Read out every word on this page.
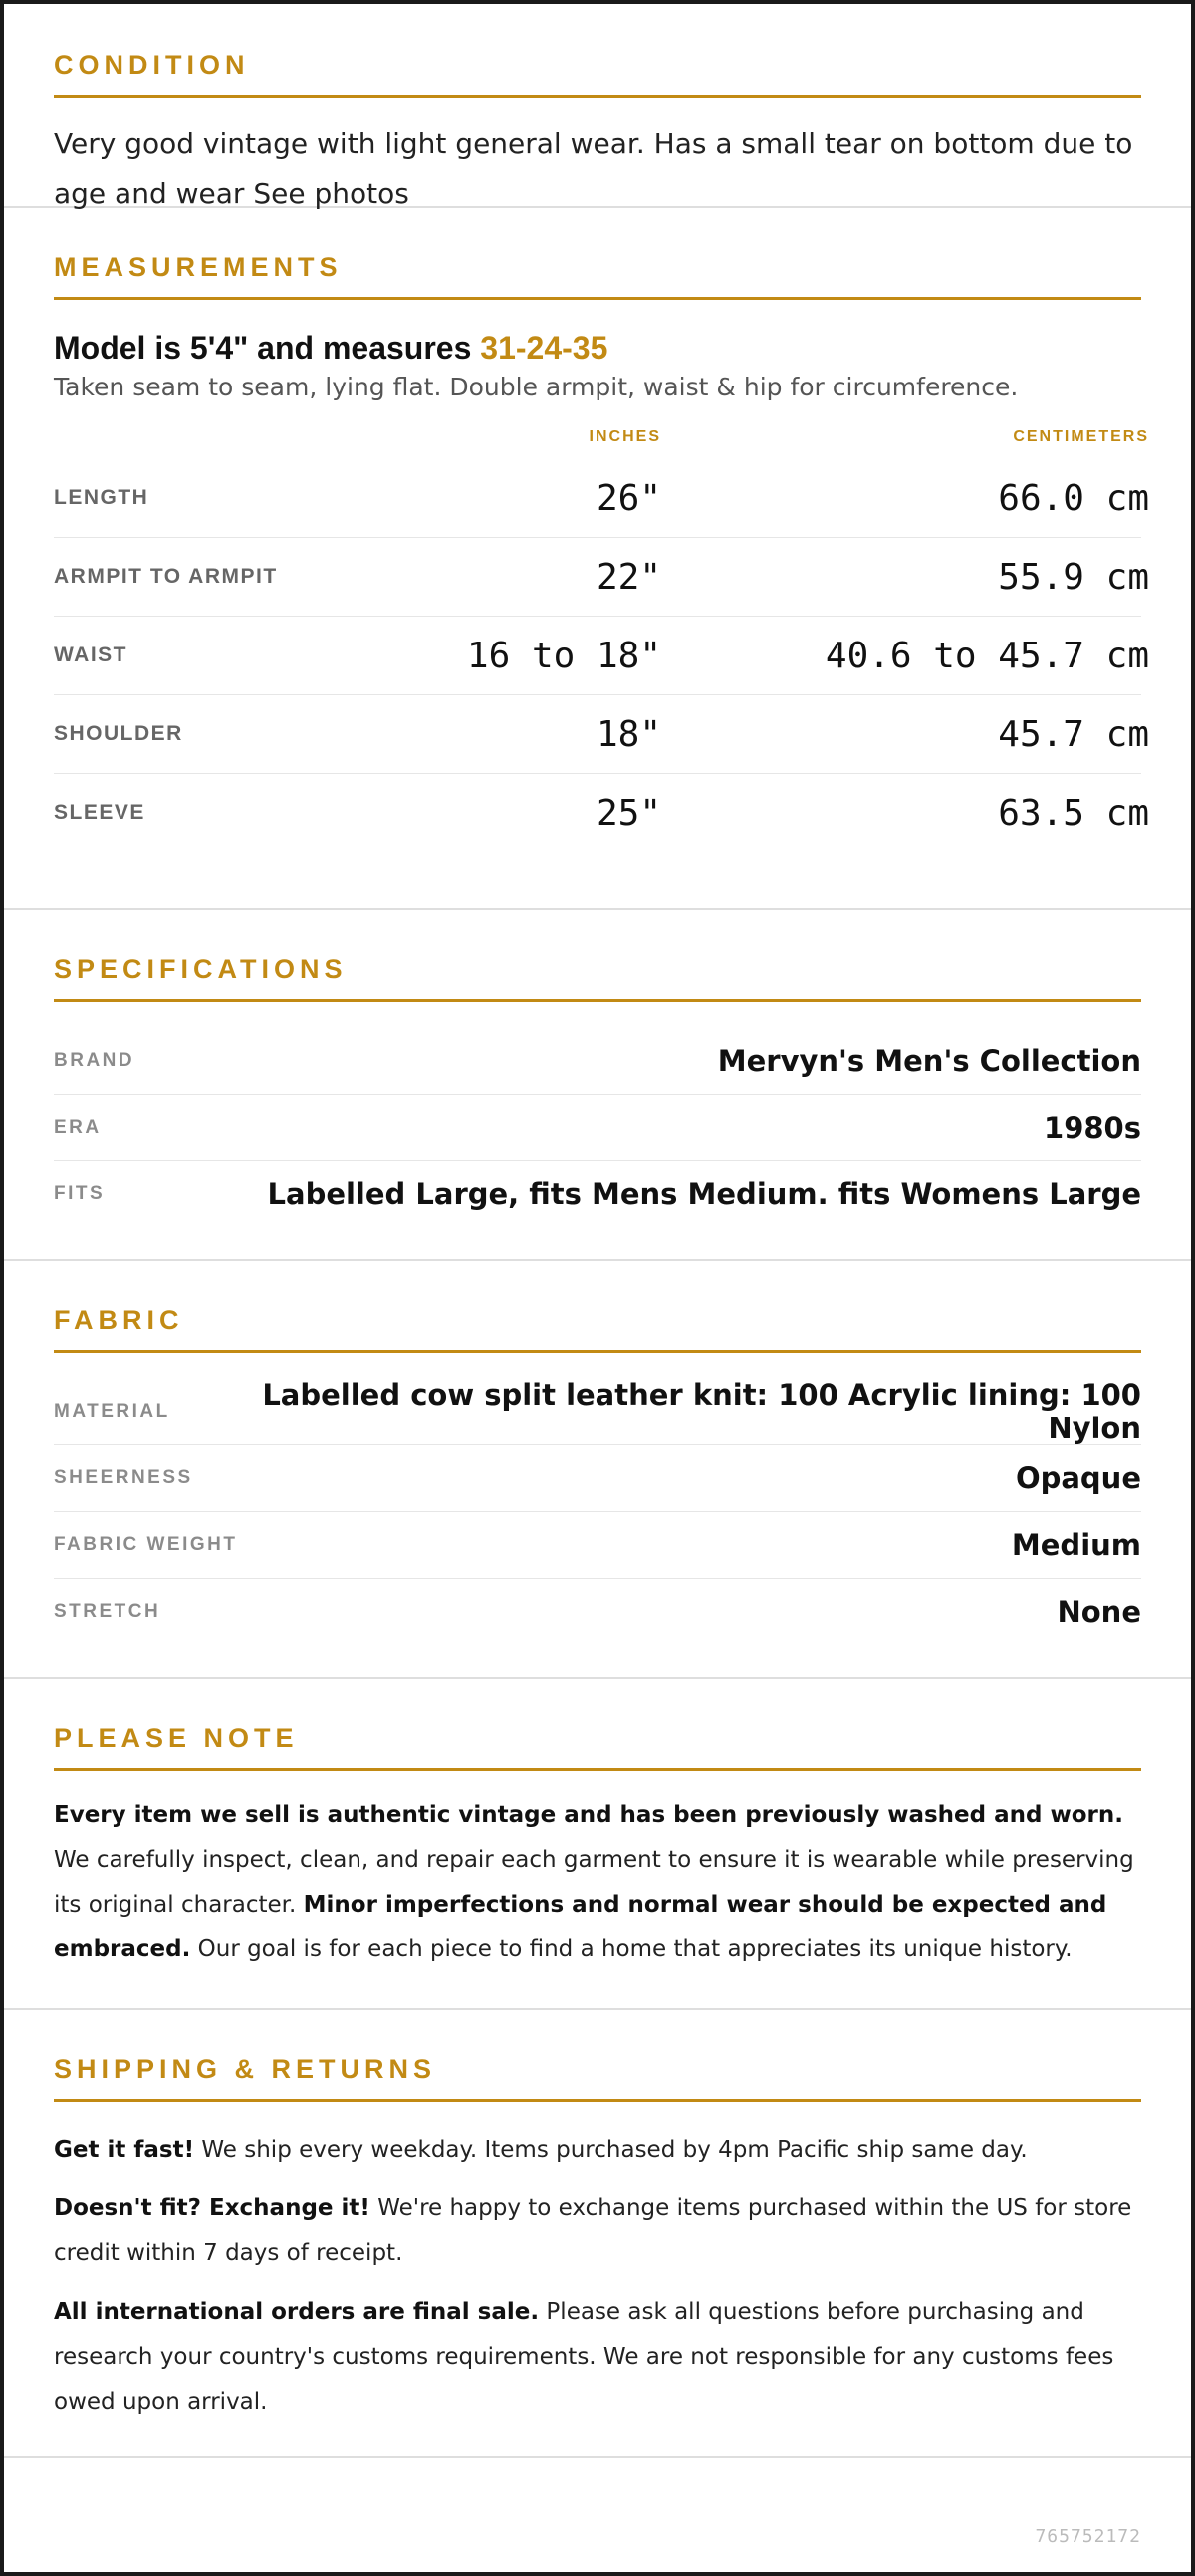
CONDITION
Very good vintage with light general wear. Has a small tear on bottom due to age and wear See photos
MEASUREMENTS
Model is 5'4" and measures 31-24-35
Taken seam to seam, lying flat. Double armpit, waist & hip for circumference.
INCHES	CENTIMETERS
LENGTH	26"	66.0 cm
ARMPIT TO ARMPIT	22"	55.9 cm
WAIST	16 to 18"	40.6 to 45.7 cm
SHOULDER	18"	45.7 cm
SLEEVE	25"	63.5 cm
SPECIFICATIONS
BRAND	Mervyn's Men's Collection
ERA	1980s
FITS	Labelled Large, fits Mens Medium. fits Womens Large
FABRIC
MATERIAL	Labelled cow split leather knit: 100 Acrylic lining: 100 Nylon
SHEERNESS	Opaque
FABRIC WEIGHT	Medium
STRETCH	None
PLEASE NOTE
Every item we sell is authentic vintage and has been previously washed and worn. We carefully inspect, clean, and repair each garment to ensure it is wearable while preserving its original character. Minor imperfections and normal wear should be expected and embraced. Our goal is for each piece to find a home that appreciates its unique history.
SHIPPING & RETURNS
Get it fast! We ship every weekday. Items purchased by 4pm Pacific ship same day.
Doesn't fit? Exchange it! We're happy to exchange items purchased within the US for store credit within 7 days of receipt.
All international orders are final sale. Please ask all questions before purchasing and research your country's customs requirements. We are not responsible for any customs fees owed upon arrival.
765752172
